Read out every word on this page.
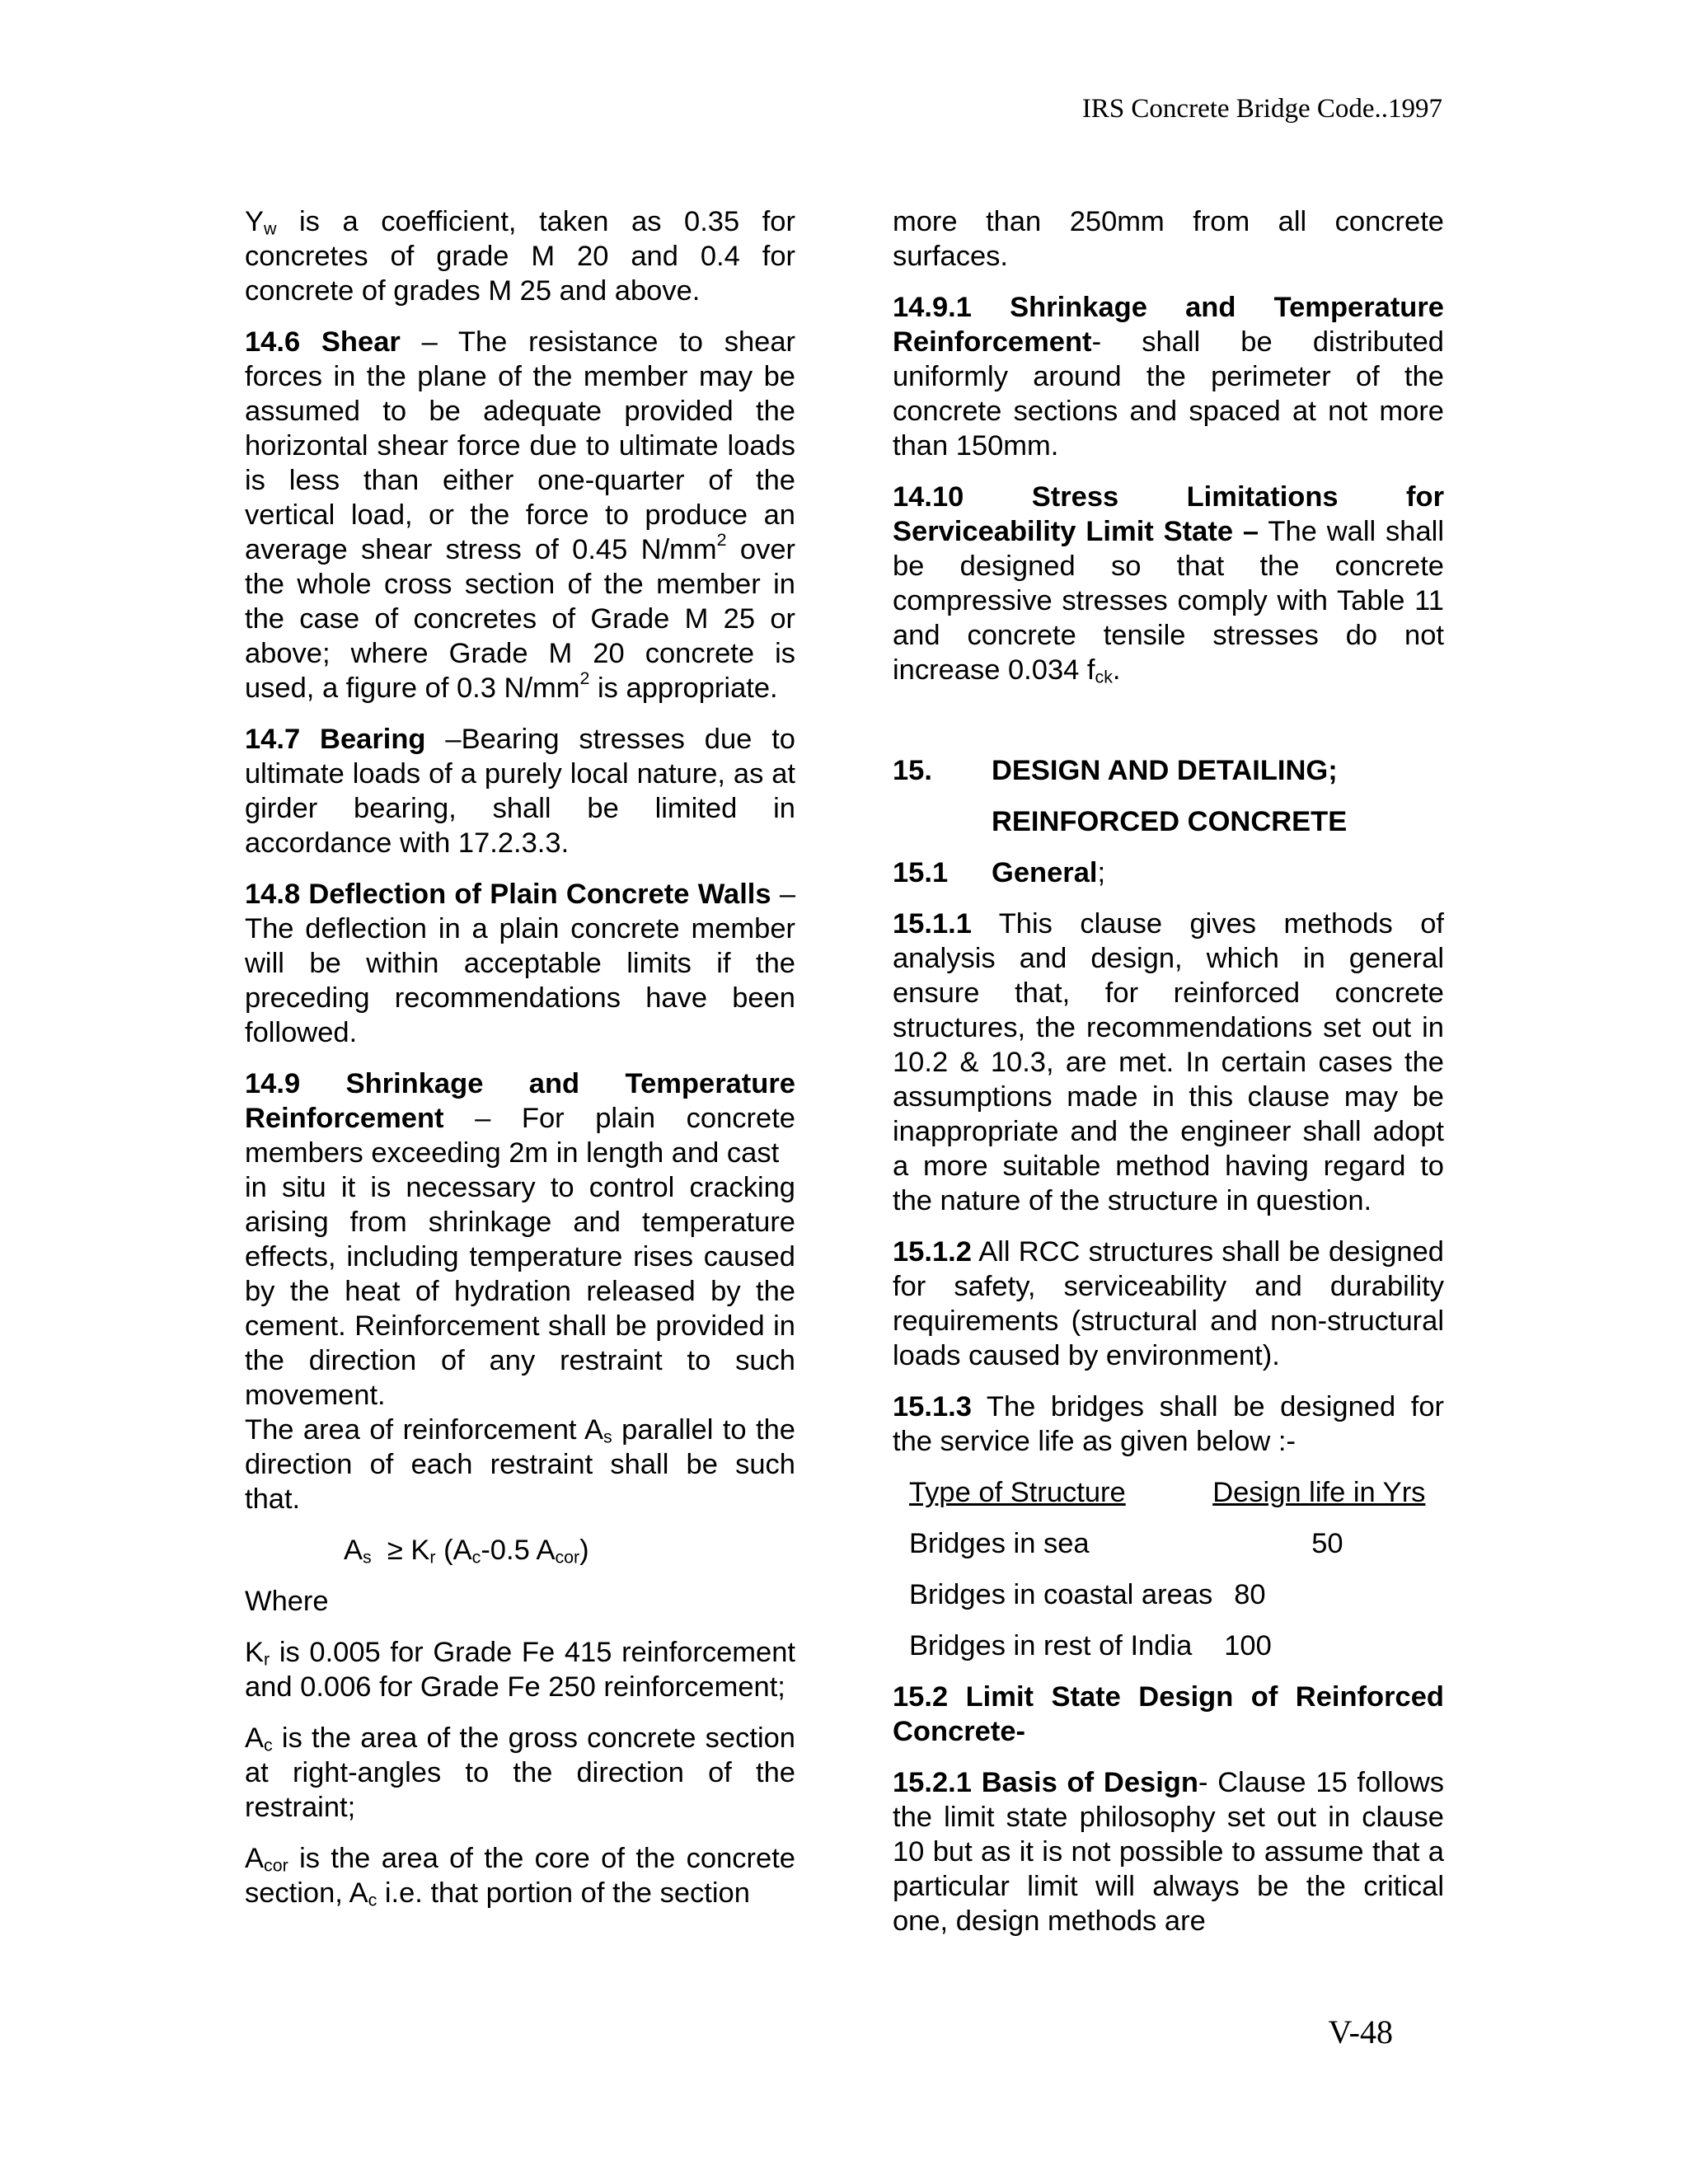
IRS Concrete Bridge Code..1997

$Y_w$ is a coefficient, taken as 0.35 for concretes of grade M 20 and 0.4 for concrete of grades M 25 and above.

14.6 Shear – The resistance to shear forces in the plane of the member may be assumed to be adequate provided the horizontal shear force due to ultimate loads is less than either one-quarter of the vertical load, or the force to produce an average shear stress of 0.45 $N/mm^2$ over the whole cross section of the member in the case of concretes of Grade M 25 or above; where Grade M 20 concrete is used, a figure of 0.3 $N/mm^2$ is appropriate.

14.7 Bearing –Bearing stresses due to ultimate loads of a purely local nature, as at girder bearing, shall be limited in accordance with 17.2.3.3.

14.8 Deflection of Plain Concrete Walls – The deflection in a plain concrete member will be within acceptable limits if the preceding recommendations have been followed.

14.9 Shrinkage and Temperature Reinforcement – For plain concrete members exceeding 2m in length and cast

in situ it is necessary to control cracking arising from shrinkage and temperature effects, including temperature rises caused by the heat of hydration released by the cement. Reinforcement shall be provided in the direction of any restraint to such movement.

The area of reinforcement $A_s$ parallel to the direction of each restraint shall be such that.

$A_s \ge K_r$ ($A_c-0.5$ $A_{cor}$)

Where

$K_r$ is 0.005 for Grade Fe 415 reinforcement and 0.006 for Grade Fe 250 reinforcement;

$A_c$ is the area of the gross concrete section at right-angles to the direction of the restraint;

$A_{cor}$ is the area of the core of the concrete section, $A_c$ i.e. that portion of the section

more than 250mm from all concrete surfaces.

14.9.1 Shrinkage and Temperature Reinforcement- shall be distributed uniformly around the perimeter of the concrete sections and spaced at not more than 150mm.

14.10 Stress Limitations for Serviceability Limit State – The wall shall be designed so that the concrete compressive stresses comply with Table 11 and concrete tensile stresses do not increase 0.034 $f_{ck}$.

15.	DESIGN AND DETAILING;
REINFORCED CONCRETE
15.1	General ;

15.1.1 This clause gives methods of analysis and design, which in general ensure that, for reinforced concrete structures, the recommendations set out in 10.2 & 10.3, are met. In certain cases the assumptions made in this clause may be inappropriate and the engineer shall adopt a more suitable method having regard to the nature of the structure in question.

15.1.2 All RCC structures shall be designed for safety, serviceability and durability requirements (structural and non-structural loads caused by environment).

15.1.3 The bridges shall be designed for the service life as given below :-

Type of Structure	Design life in Yrs
Bridges in sea	50
Bridges in coastal areas	80
Bridges in rest of India	100

15.2 Limit State Design of Reinforced Concrete-

15.2.1 Basis of Design- Clause 15 follows the limit state philosophy set out in clause 10 but as it is not possible to assume that a particular limit will always be the critical one, design methods are

V-48
